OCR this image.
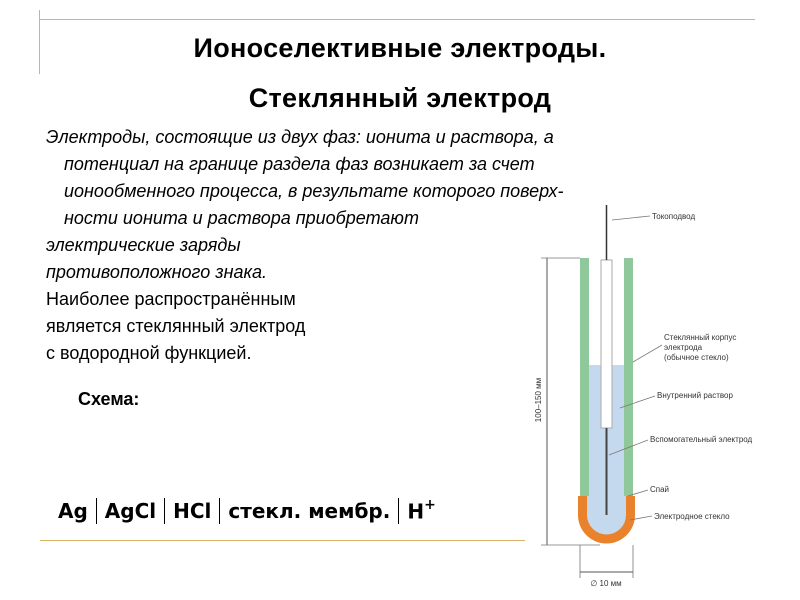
Ионоселективные электроды.
Стеклянный электрод
Электроды, состоящие из двух фаз: ионита и раствора, а
потенциал на границе раздела фаз возникает за счет
ионообменного процесса, в результате которого поверх-
ности ионита и раствора приобретают
электрические заряды
противоположного знака.
Наиболее распространённым
является стеклянный электрод
с водородной функцией.
Схема:
Ag AgCl HCl стекл. мембр. H+
100–150 мм
∅ 10 мм
Токоподвод
Стеклянный корпус
электрода
(обычное стекло)
Внутренний раствор
Вспомогательный электрод
Спай
Электродное стекло
